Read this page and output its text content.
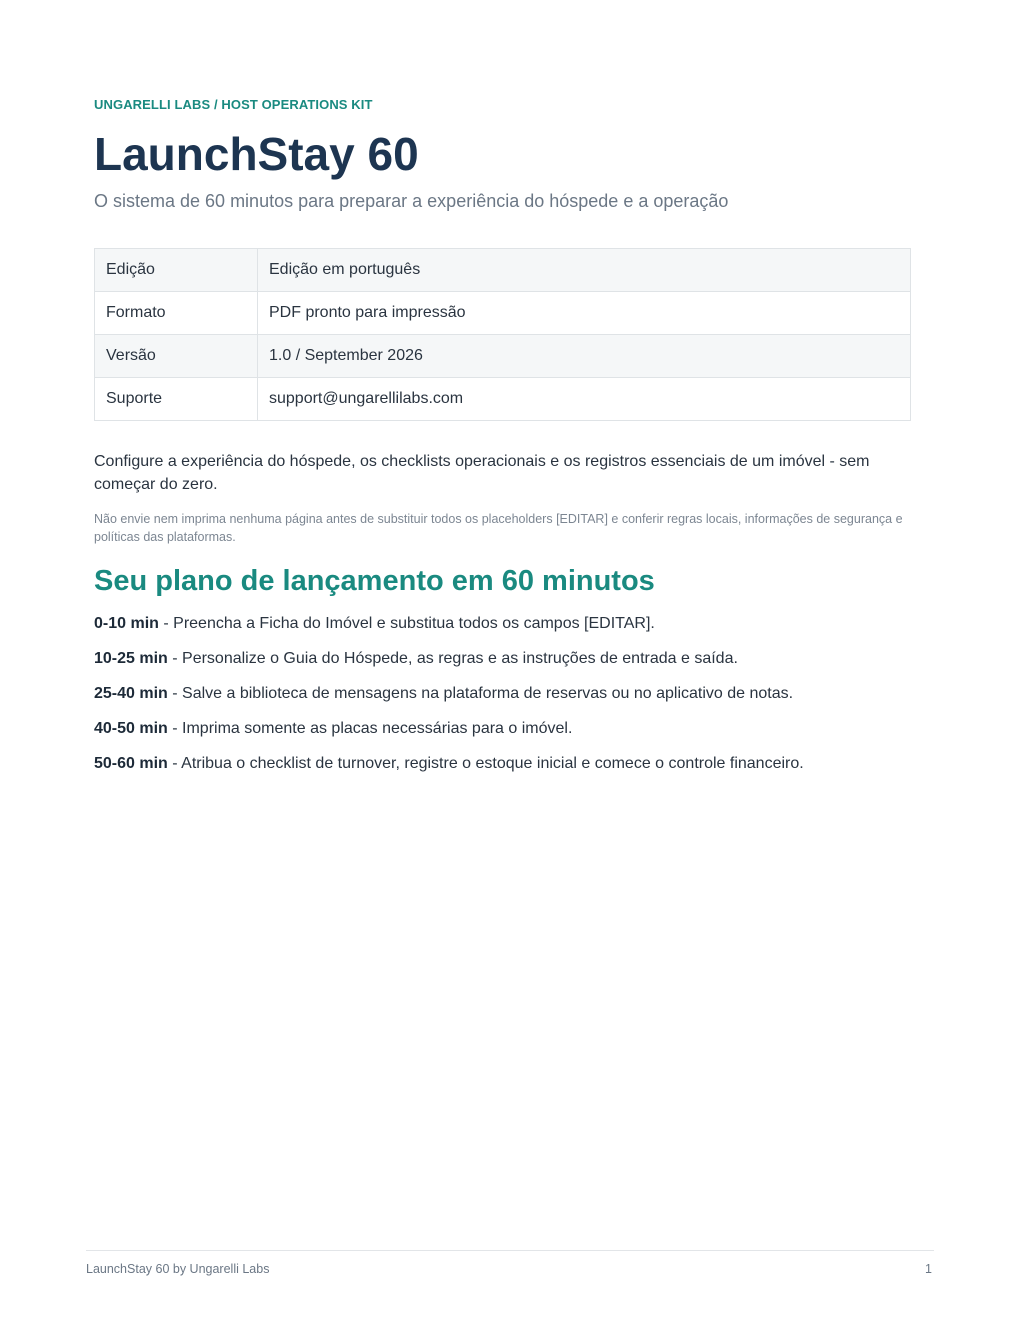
UNGARELLI LABS / HOST OPERATIONS KIT
LaunchStay 60
O sistema de 60 minutos para preparar a experiência do hóspede e a operação
Edição	Edição em português
Formato	PDF pronto para impressão
Versão	1.0 / September 2026
Suporte	support@ungarellilabs.com
Configure a experiência do hóspede, os checklists operacionais e os registros essenciais de um imóvel - sem começar do zero.
Não envie nem imprima nenhuma página antes de substituir todos os placeholders [EDITAR] e conferir regras locais, informações de segurança e políticas das plataformas.
Seu plano de lançamento em 60 minutos
0-10 min - Preencha a Ficha do Imóvel e substitua todos os campos [EDITAR].
10-25 min - Personalize o Guia do Hóspede, as regras e as instruções de entrada e saída.
25-40 min - Salve a biblioteca de mensagens na plataforma de reservas ou no aplicativo de notas.
40-50 min - Imprima somente as placas necessárias para o imóvel.
50-60 min - Atribua o checklist de turnover, registre o estoque inicial e comece o controle financeiro.
LaunchStay 60 by Ungarelli Labs	1
